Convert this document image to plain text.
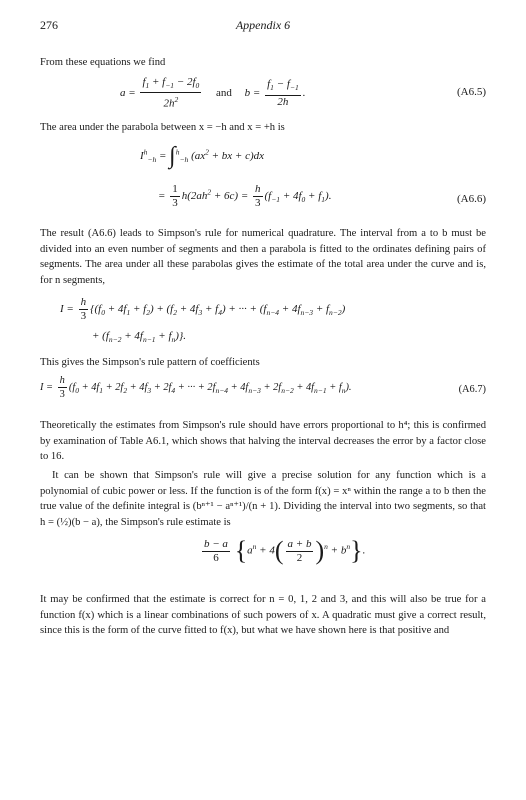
276	Appendix 6
From these equations we find
$a = \frac{f_1 + f_{-1} - 2f_0}{2h^2}$ and $b = \frac{f_1 - f_{-1}}{2h}$ .	(A6.5)
The area under the parabola between x = −h and x = +h is
$I^h_{-h} = \int^h_{-h}$ ($ax^2$ + bx + c)dx
= $\frac{1}{3} h(2ah^2 + 6c) = \frac{h}{3} (f_{-1} + 4f_0 + f_1)$.	(A6.6)
The result (A6.6) leads to Simpson's rule for numerical quadrature. The interval from a to b must be divided into an even number of segments and then a parabola is fitted to the ordinates defining pairs of segments. The area under all these parabolas gives the estimate of the total area under the curve and is, for n segments,
$I = \frac{h}{3} \{(f_0 + 4f_1 + f_2) + (f_2 + 4f_3 + f_4)$ + ··· + $(f_{n-4} + 4f_{n-3} + f_{n-2})$
+ $(f_{n-2} + 4f_{n-1} + f_n)$}.
This gives the Simpson's rule pattern of coefficients
$I = \frac{h}{3} (f_0 + 4f_1 + 2f_2 + 4f_3 + 2f_4$ + ··· + $2f_{n-4} + 4f_{n-3} + 2f_{n-2} + 4f_{n-1} + f_n$).	(A6.7)
Theoretically the estimates from Simpson's rule should have errors proportional to h⁴; this is confirmed by examination of Table A6.1, which shows that halving the interval decreases the error by a factor close to 16.
It can be shown that Simpson's rule will give a precise solution for any function which is a polynomial of cubic power or less. If the function is of the form f(x) = xⁿ within the range a to b then the true value of the definite integral is (bⁿ⁺¹ − aⁿ⁺¹)/(n + 1). Dividing the interval into two segments, so that h = (½)(b − a), the Simpson's rule estimate is
$\frac{b - a}{6} \{a^n + 4( \frac{a + b}{2} )^n + b^n\}$.
It may be confirmed that the estimate is correct for n = 0, 1, 2 and 3, and this will also be true for a function f(x) which is a linear combinations of such powers of x. A quadratic must give a correct result, since this is the form of the curve fitted to f(x), but what we have shown here is that positive and
